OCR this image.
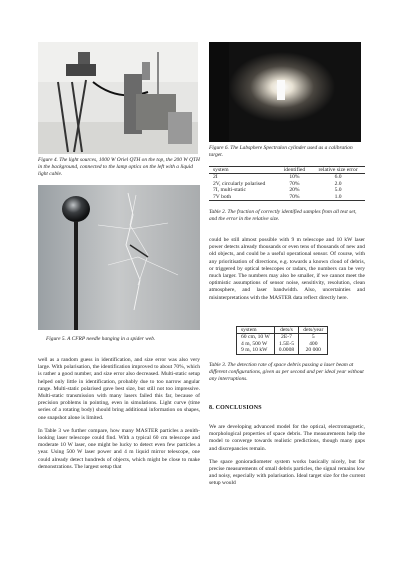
Figure 4. The light sources, 1000 W Oriel QTH on the top, the 200 W QTH in the background, connected to the lamp optics on the left with a liquid light cable.
Figure 6. The Labsphere Spectralon cylinder used as a calibration target.
system	identified	relative size error
2I	10%	6.0
2V, circularly polarised	70%	2.0
7I, multi-static	20%	5.0
7V both	70%	1.0
Table 2. The fraction of correctly identified samples from all test set, and the error in the relative size.
Figure 5. A CFRP needle hanging in a spider web.

could be still almost possible with 9 m telescope and 10 kW laser power detects already thousands or even tens of thousands of new and old objects, and could be a useful operational sensor. Of course, with any prioritisation of directions, e.g. towards a known cloud of debris, or triggered by optical telescopes or radars, the numbers can be very much larger. The numbers may also be smaller, if we cannot meet the optimistic assumptions of sensor noise, sensitivity, resolution, clean atmosphere, and laser bandwidth. Also, uncertainties and misinterpretations with the MASTER data reflect directly here.

system	dets/s	dets/year
60 cm, 10 W	2E-7	5
4 m, 500 W	1.5E-5	400
9 m, 10 kW	0.0008	20 000
Table 3. The detection rate of space debris passing a laser beam at different configurations, given as per second and per ideal year without any interruptions.
8. CONCLUSIONS

We are developing advanced model for the optical, electromagnetic, morphological properties of space debris. The measurements help the model to converge towards realistic predictions, though many gaps and discrepancies remain.

The space gonioradiometer system works basically nicely, but for precise measurements of small debris particles, the signal remains low and noisy, especially with polarisation. Ideal target size for the current setup would

well as a random guess in identification, and size error was also very large. With polarisation, the identification improved to about 70%, which is rather a good number, and size error also decreased. Multi-static setup helped only little in identification, probably due to too narrow angular range. Multi-static polarised gave best size, but still not too impressive. Multi-static transmission with many lasers failed this far, because of precision problems in pointing, even in simulations. Light curve (time series of a rotating body) should bring additional information on shapes, one snapshot alone is limited.

In Table 3 we further compare, how many MASTER particles a zenith-looking laser telescope could find. With a typical 60 cm telescope and moderate 10 W laser, one might be lucky to detect even few particles a year. Using 500 W laser power and 4 m liquid mirror telescope, one could already detect hundreds of objects, which might be close to make demonstrations. The largest setup that
